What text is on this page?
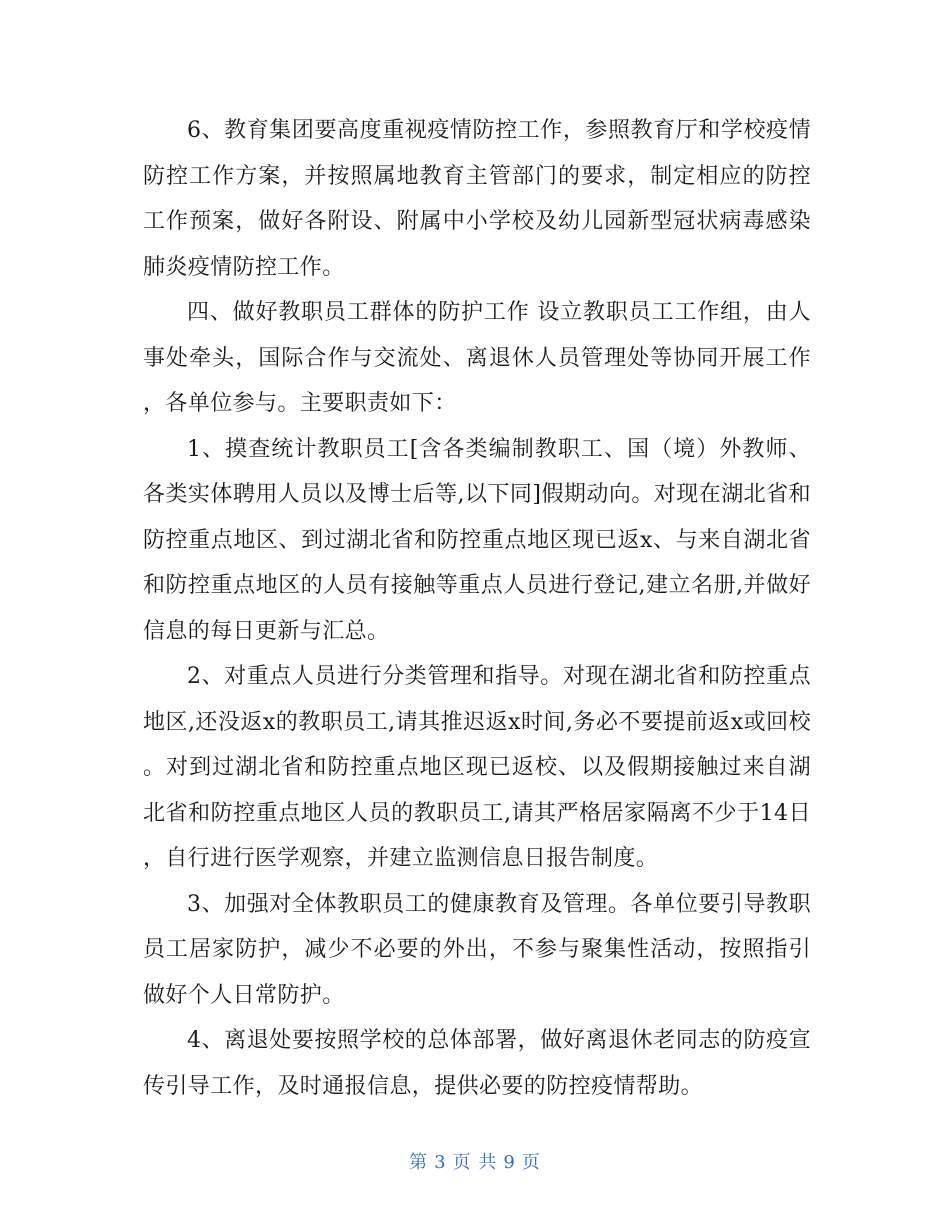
6、教育集团要高度重视疫情防控工作，参照教育厅和学校疫情防控工作方案，并按照属地教育主管部门的要求，制定相应的防控工作预案，做好各附设、附属中小学校及幼儿园新型冠状病毒感染肺炎疫情防控工作。

四、做好教职员工群体的防护工作 设立教职员工工作组，由人事处牵头，国际合作与交流处、离退休人员管理处等协同开展工作，各单位参与。主要职责如下：

1、摸查统计教职员工[含各类编制教职工、国（境）外教师、各类实体聘用人员以及博士后等,以下同]假期动向。对现在湖北省和防控重点地区、到过湖北省和防控重点地区现已返x、与来自湖北省和防控重点地区的人员有接触等重点人员进行登记,建立名册,并做好信息的每日更新与汇总。

2、对重点人员进行分类管理和指导。对现在湖北省和防控重点地区,还没返x的教职员工,请其推迟返x时间,务必不要提前返x或回校。对到过湖北省和防控重点地区现已返校、以及假期接触过来自湖北省和防控重点地区人员的教职员工,请其严格居家隔离不少于14日，自行进行医学观察，并建立监测信息日报告制度。

3、加强对全体教职员工的健康教育及管理。各单位要引导教职员工居家防护，减少不必要的外出，不参与聚集性活动，按照指引做好个人日常防护。

4、离退处要按照学校的总体部署，做好离退休老同志的防疫宣传引导工作，及时通报信息，提供必要的防控疫情帮助。

第 3 页 共 9 页
